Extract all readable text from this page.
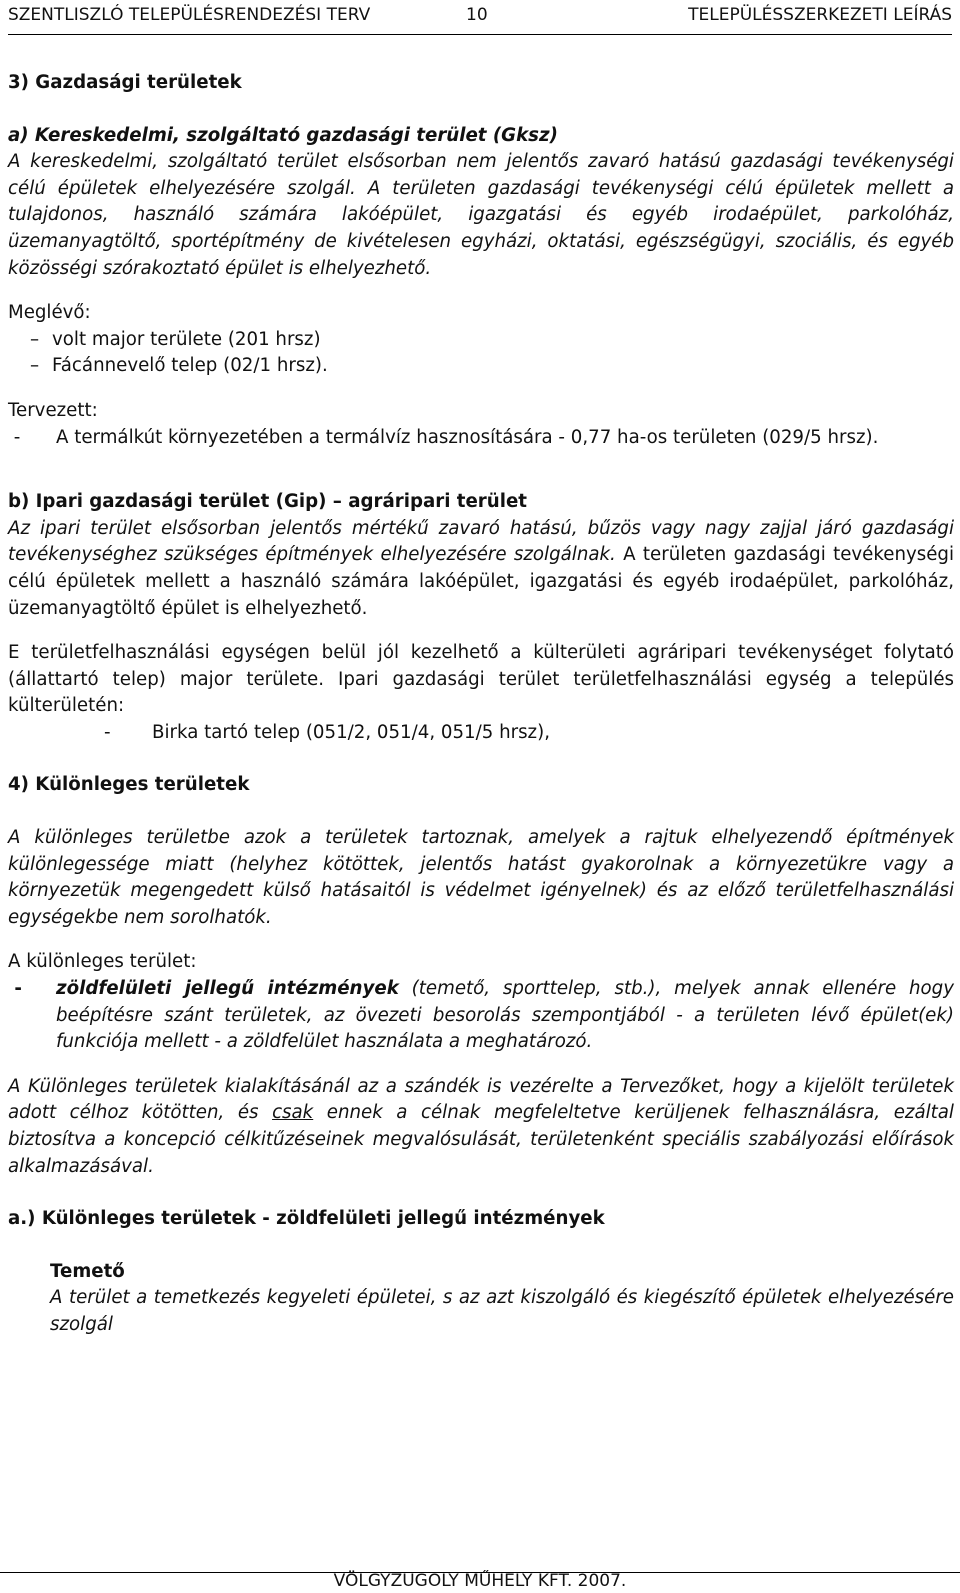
SZENTLISZLÓ TELEPÜLÉSRENDEZÉSI TERV	10	TELEPÜLÉSSZERKEZETI LEÍRÁS

3) Gazdasági területek

a) Kereskedelmi, szolgáltató gazdasági terület (Gksz)

A kereskedelmi, szolgáltató terület elsősorban nem jelentős zavaró hatású gazdasági tevékenységi célú épületek elhelyezésére szolgál. A területen gazdasági tevékenységi célú épületek mellett a tulajdonos, használó számára lakóépület, igazgatási és egyéb irodaépület, parkolóház, üzemanyagtöltő, sportépítmény de kivételesen egyházi, oktatási, egészségügyi, szociális, és egyéb közösségi szórakoztató épület is elhelyezhető.

Meglévő:

– volt major területe (201 hrsz)
– Fácánnevelő telep (02/1 hrsz).

Tervezett:

-	A termálkút környezetében a termálvíz hasznosítására - 0,77 ha-os területen (029/5 hrsz).

b) Ipari gazdasági terület (Gip) – agráripari terület

Az ipari terület elsősorban jelentős mértékű zavaró hatású, bűzös vagy nagy zajjal járó gazdasági tevékenységhez szükséges építmények elhelyezésére szolgálnak. A területen gazdasági tevékenységi célú épületek mellett a használó számára lakóépület, igazgatási és egyéb irodaépület, parkolóház, üzemanyagtöltő épület is elhelyezhető.

E területfelhasználási egységen belül jól kezelhető a külterületi agráripari tevékenységet folytató (állattartó telep) major területe. Ipari gazdasági terület területfelhasználási egység a település külterületén:

-	Birka tartó telep (051/2, 051/4, 051/5 hrsz),

4) Különleges területek

A különleges területbe azok a területek tartoznak, amelyek a rajtuk elhelyezendő építmények különlegessége miatt (helyhez kötöttek, jelentős hatást gyakorolnak a környezetükre vagy a környezetük megengedett külső hatásaitól is védelmet igényelnek) és az előző területfelhasználási egységekbe nem sorolhatók.

A különleges terület:

-	zöldfelületi jellegű intézmények (temető, sporttelep, stb.), melyek annak ellenére hogy beépítésre szánt területek, az övezeti besorolás szempontjából - a területen lévő épület(ek) funkciója mellett - a zöldfelület használata a meghatározó.

A Különleges területek kialakításánál az a szándék is vezérelte a Tervezőket, hogy a kijelölt területek adott célhoz kötötten, és csak ennek a célnak megfeleltetve kerüljenek felhasználásra, ezáltal biztosítva a koncepció célkitűzéseinek megvalósulását, területenként speciális szabályozási előírások alkalmazásával.

a.) Különleges területek - zöldfelületi jellegű intézmények

Temető

A terület a temetkezés kegyeleti épületei, s az azt kiszolgáló és kiegészítő épületek elhelyezésére szolgál

VÖLGYZUGOLY MŰHELY KFT. 2007.
